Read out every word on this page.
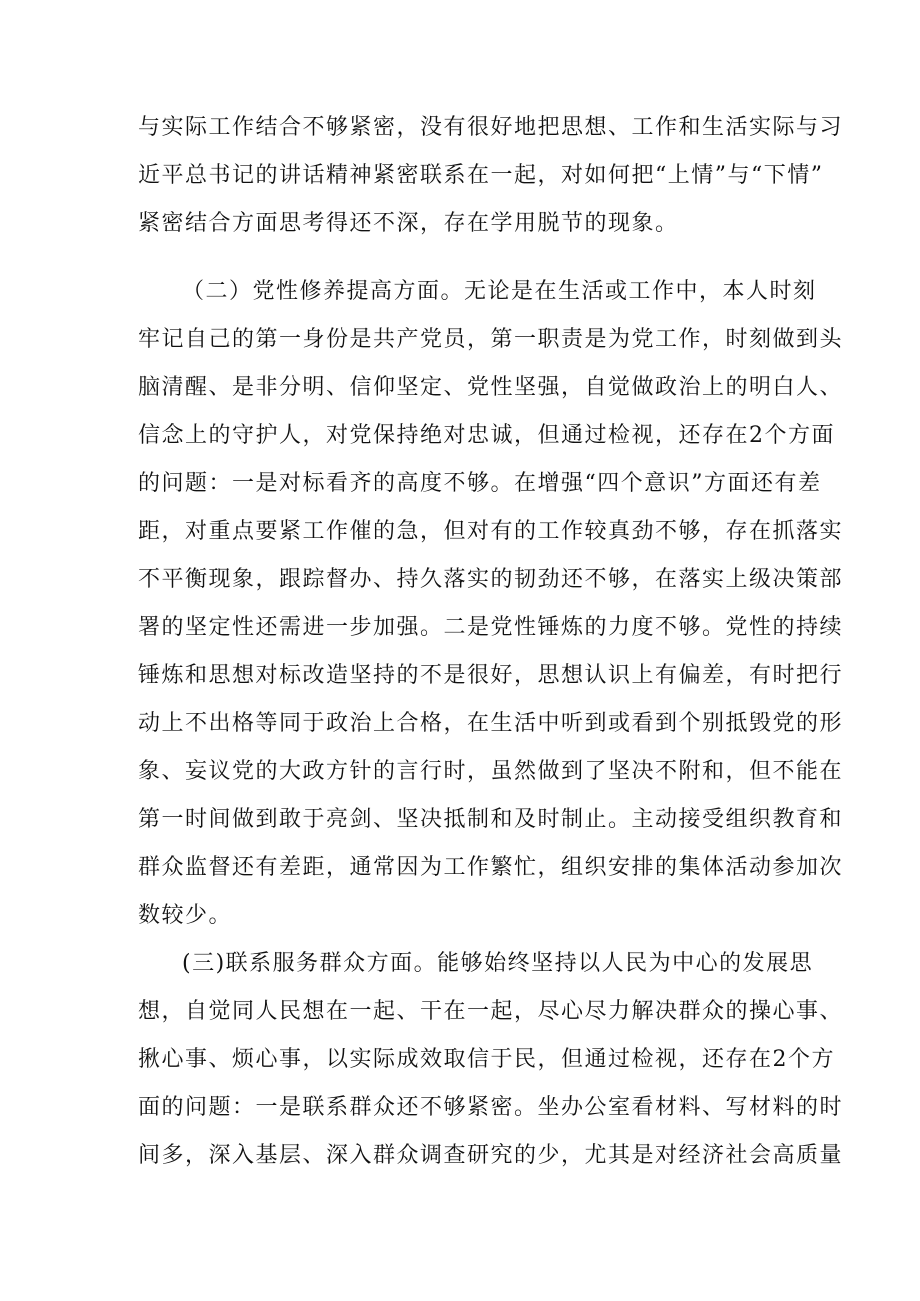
与实际工作结合不够紧密，没有很好地把思想、工作和生活实际与习
近平总书记的讲话精神紧密联系在一起，对如何把“上情”与“下情”
紧密结合方面思考得还不深，存在学用脱节的现象。
（二）党性修养提高方面。无论是在生活或工作中，本人时刻
牢记自己的第一身份是共产党员，第一职责是为党工作，时刻做到头
脑清醒、是非分明、信仰坚定、党性坚强，自觉做政治上的明白人、
信念上的守护人，对党保持绝对忠诚，但通过检视，还存在2个方面
的问题：一是对标看齐的高度不够。在增强“四个意识”方面还有差
距，对重点要紧工作催的急，但对有的工作较真劲不够，存在抓落实
不平衡现象，跟踪督办、持久落实的韧劲还不够，在落实上级决策部
署的坚定性还需进一步加强。二是党性锤炼的力度不够。党性的持续
锤炼和思想对标改造坚持的不是很好，思想认识上有偏差，有时把行
动上不出格等同于政治上合格，在生活中听到或看到个别抵毁党的形
象、妄议党的大政方针的言行时，虽然做到了坚决不附和，但不能在
第一时间做到敢于亮剑、坚决抵制和及时制止。主动接受组织教育和
群众监督还有差距，通常因为工作繁忙，组织安排的集体活动参加次
数较少。
(三)联系服务群众方面。能够始终坚持以人民为中心的发展思
想，自觉同人民想在一起、干在一起，尽心尽力解决群众的操心事、
揪心事、烦心事，以实际成效取信于民，但通过检视，还存在2个方
面的问题：一是联系群众还不够紧密。坐办公室看材料、写材料的时
间多，深入基层、深入群众调查研究的少，尤其是对经济社会高质量
